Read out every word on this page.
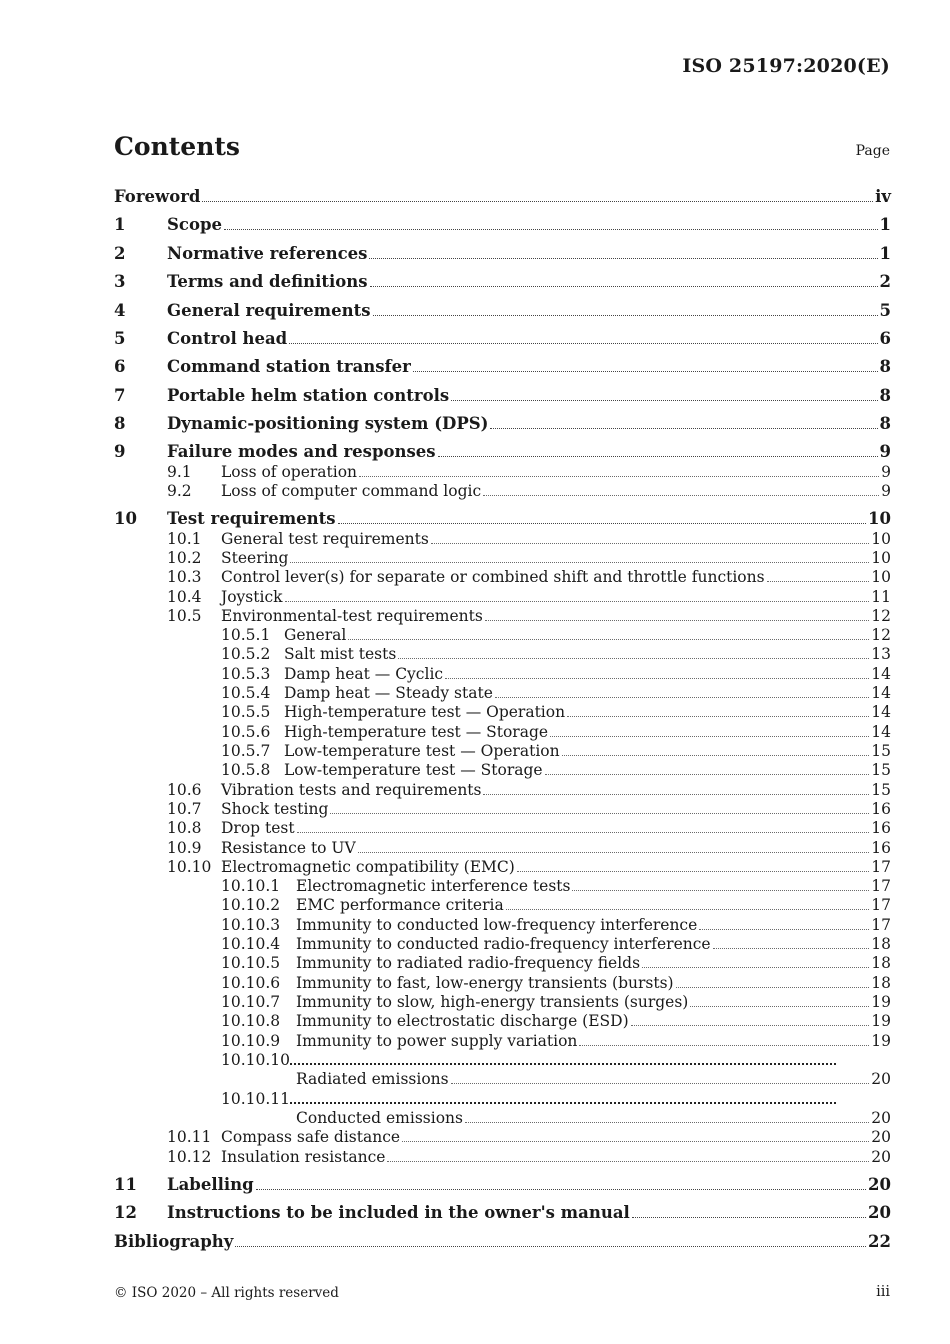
ISO 25197:2020(E)
Contents	Page
Foreword	iv
1	Scope	1
2	Normative references	1
3	Terms and definitions	2
4	General requirements	5
5	Control head	6
6	Command station transfer	8
7	Portable helm station controls	8
8	Dynamic-positioning system (DPS)	8
9	Failure modes and responses	9
9.1 Loss of operation	9
9.2 Loss of computer command logic	9
10 Test requirements	10
10.1 General test requirements	10
10.2 Steering	10
10.3 Control lever(s) for separate or combined shift and throttle functions	10
10.4 Joystick	11
10.5 Environmental-test requirements	12
10.5.1 General	12
10.5.2 Salt mist tests	13
10.5.3 Damp heat — Cyclic	14
10.5.4 Damp heat — Steady state	14
10.5.5 High-temperature test — Operation	14
10.5.6 High-temperature test — Storage	14
10.5.7 Low-temperature test — Operation	15
10.5.8 Low-temperature test — Storage	15
10.6 Vibration tests and requirements	15
10.7 Shock testing	16
10.8 Drop test	16
10.9 Resistance to UV	16
10.10 Electromagnetic compatibility (EMC)	17
10.10.1 Electromagnetic interference tests	17
10.10.2 EMC performance criteria	17
10.10.3 Immunity to conducted low-frequency interference	17
10.10.4 Immunity to conducted radio-frequency interference	18
10.10.5 Immunity to radiated radio-frequency fields	18
10.10.6 Immunity to fast, low-energy transients (bursts)	18
10.10.7 Immunity to slow, high-energy transients (surges)	19
10.10.8 Immunity to electrostatic discharge (ESD)	19
10.10.9 Immunity to power supply variation	19
10.10.10
Radiated emissions	20
10.10.11
Conducted emissions	20
10.11 Compass safe distance	20
10.12 Insulation resistance	20
11 Labelling	20
12 Instructions to be included in the owner's manual	20
Bibliography	22
© ISO 2020 – All rights reserved	iii
